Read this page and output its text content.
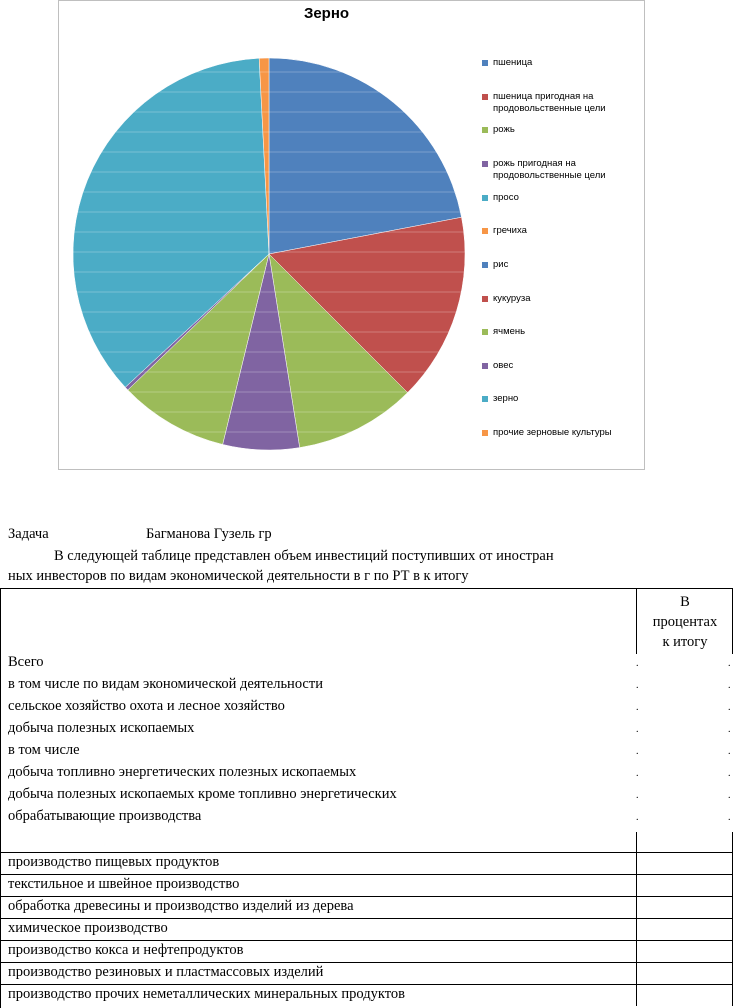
Зерно
пшеница
пшеница пригодная на продовольственные цели
рожь
рожь пригодная на продовольственные цели
просо
гречиха
рис
кукуруза
ячмень
овес
зерно
прочие зерновые культуры
Задача	Багманова Гузель гр
В следующей таблице представлен объем инвестиций поступивших от иностран
ных инвесторов по видам экономической деятельности в г по РТ в к итогу
В
процентах
к итогу
Всего	.	.
в том числе по видам экономической деятельности	.	.
сельское хозяйство охота и лесное хозяйство	.	.
добыча полезных ископаемых	.	.
в том числе	.	.
добыча топливно энергетических полезных ископаемых	.	.
добыча полезных ископаемых кроме топливно энергетических	.	.
обрабатывающие производства	.	.
производство пищевых продуктов
текстильное и швейное производство
обработка древесины и производство изделий из дерева
химическое производство
производство кокса и нефтепродуктов
производство резиновых и пластмассовых изделий
производство прочих неметаллических минеральных продуктов
